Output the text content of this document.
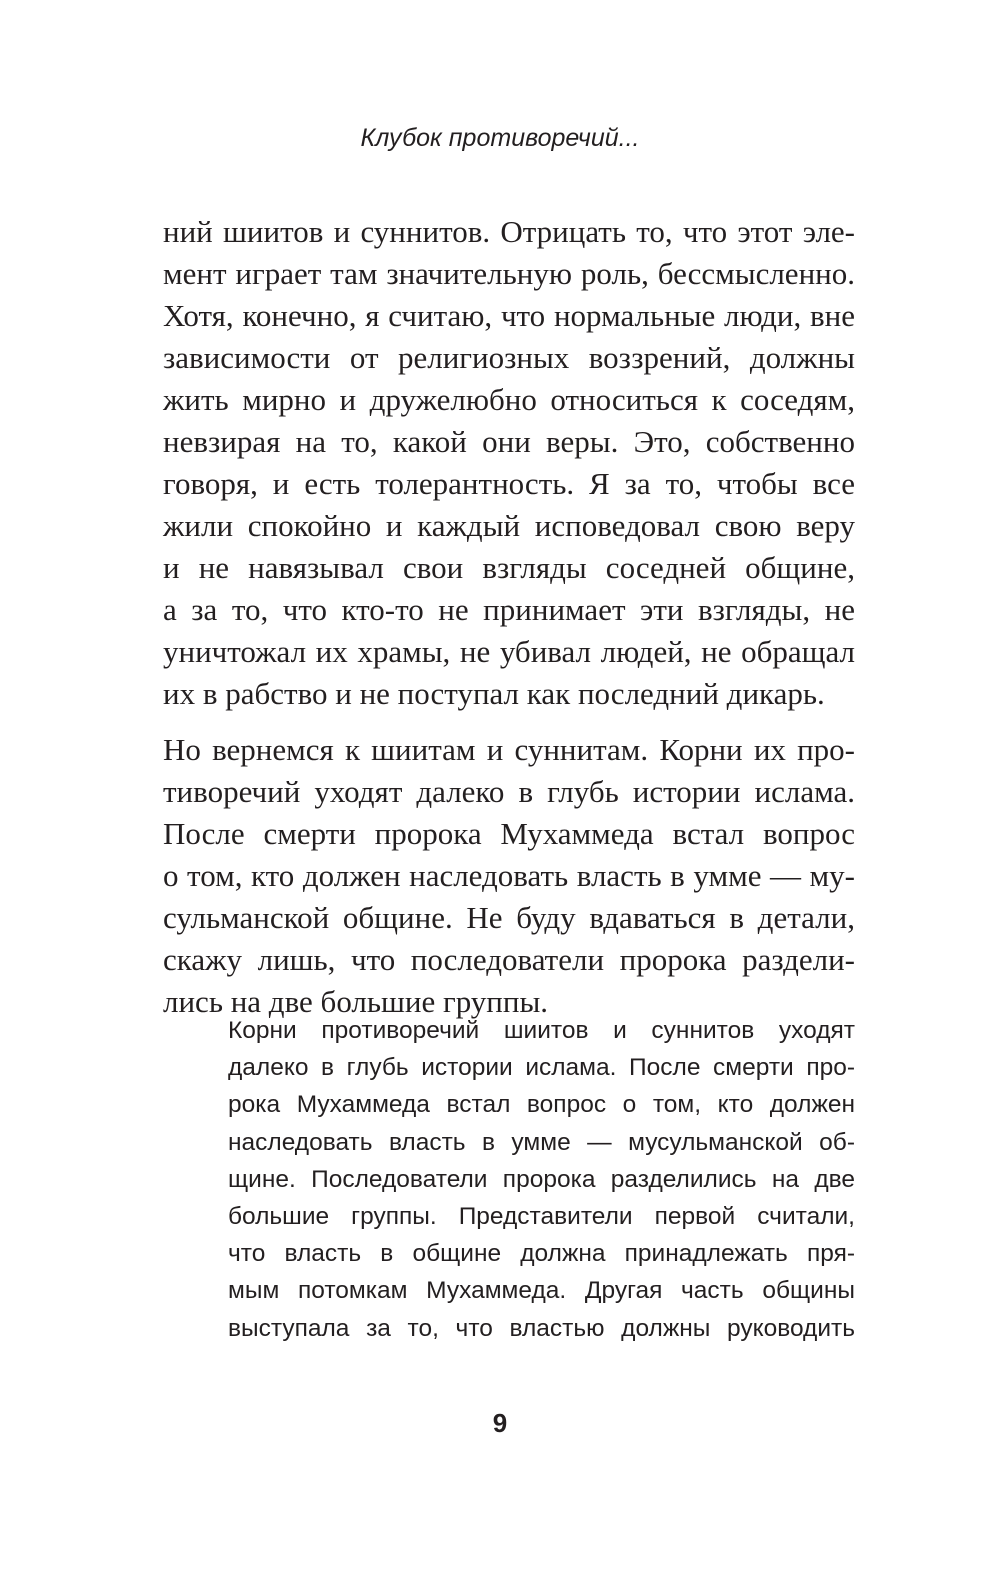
Клубок противоречий...

ний шиитов и суннитов. Отрицать то, что этот эле-
мент играет там значительную роль, бессмысленно.
Хотя, конечно, я считаю, что нормальные люди, вне
зависимости от религиозных воззрений, должны
жить мирно и дружелюбно относиться к соседям,
невзирая на то, какой они веры. Это, собственно
говоря, и есть толерантность. Я за то, чтобы все
жили спокойно и каждый исповедовал свою веру
и не навязывал свои взгляды соседней общине,
а за то, что кто-то не принимает эти взгляды, не
уничтожал их храмы, не убивал людей, не обращал
их в рабство и не поступал как последний дикарь.

Но вернемся к шиитам и суннитам. Корни их про-
тиворечий уходят далеко в глубь истории ислама.
После смерти пророка Мухаммеда встал вопрос
о том, кто должен наследовать власть в умме — му-
сульманской общине. Не буду вдаваться в детали,
скажу лишь, что последователи пророка раздели-
лись на две большие группы.

Корни противоречий шиитов и суннитов уходят
далеко в глубь истории ислама. После смерти про-
рока Мухаммеда встал вопрос о том, кто должен
наследовать власть в умме — мусульманской об-
щине. Последователи пророка разделились на две
большие группы. Представители первой считали,
что власть в общине должна принадлежать пря-
мым потомкам Мухаммеда. Другая часть общины
выступала за то, что властью должны руководить
9
